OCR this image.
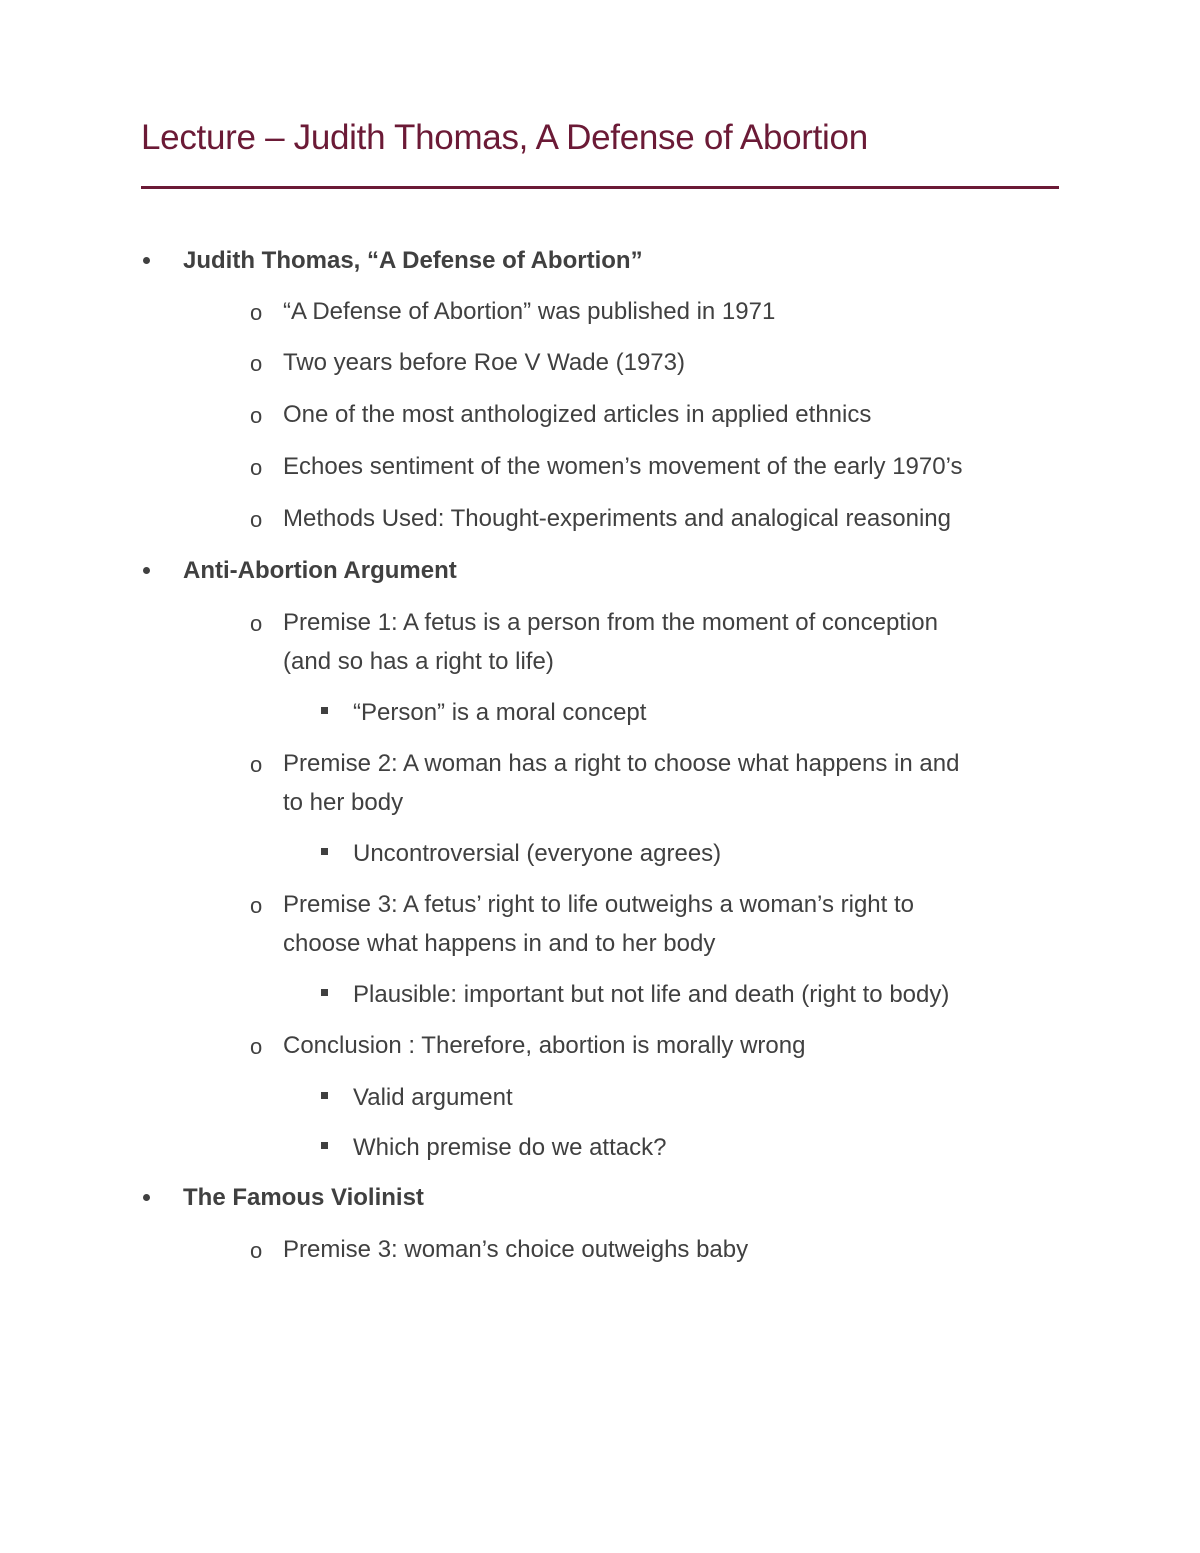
Lecture – Judith Thomas, A Defense of Abortion
Judith Thomas, “A Defense of Abortion”
o “A Defense of Abortion” was published in 1971
o Two years before Roe V Wade (1973)
o One of the most anthologized articles in applied ethnics
o Echoes sentiment of the women’s movement of the early 1970’s
o Methods Used: Thought-experiments and analogical reasoning
Anti-Abortion Argument
o Premise 1: A fetus is a person from the moment of conception
(and so has a right to life)
“Person” is a moral concept
o Premise 2: A woman has a right to choose what happens in and
to her body
Uncontroversial (everyone agrees)
o Premise 3: A fetus’ right to life outweighs a woman’s right to
choose what happens in and to her body
Plausible: important but not life and death (right to body)
o Conclusion : Therefore, abortion is morally wrong
Valid argument
Which premise do we attack?
The Famous Violinist
o Premise 3: woman’s choice outweighs baby
